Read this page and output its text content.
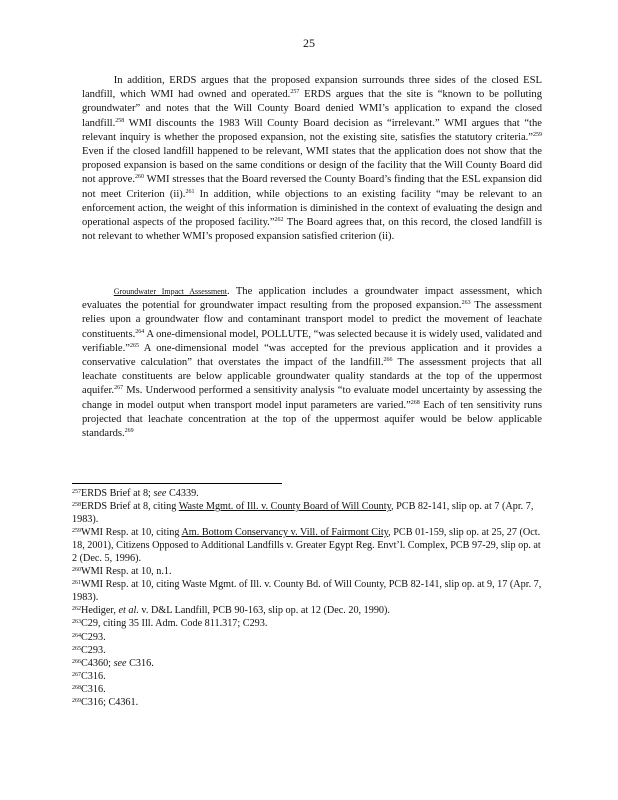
25

   In addition, ERDS argues that the proposed expansion surrounds three sides of the closed ESL landfill, which WMI had owned and operated.$^{257}$ ERDS argues that the site is “known to be polluting groundwater” and notes that the Will County Board denied WMI’s application to expand the closed landfill.$^{258}$ WMI discounts the 1983 Will County Board decision as “irrelevant.” WMI argues that “the relevant inquiry is whether the proposed expansion, not the existing site, satisfies the statutory criteria.”$^{259}$ Even if the closed landfill happened to be relevant, WMI states that the application does not show that the proposed expansion is based on the same conditions or design of the facility that the Will County Board did not approve.$^{260}$ WMI stresses that the Board reversed the County Board’s finding that the ESL expansion did not meet Criterion (ii).$^{261}$ In addition, while objections to an existing facility “may be relevant to an enforcement action, the weight of this information is diminished in the context of evaluating the design and operational aspects of the proposed facility.”$^{262}$ The Board agrees that, on this record, the closed landfill is not relevant to whether WMI’s proposed expansion satisfied criterion (ii).

   Groundwater Impact Assessment. The application includes a groundwater impact assessment, which evaluates the potential for groundwater impact resulting from the proposed expansion.$^{263}$ The assessment relies upon a groundwater flow and contaminant transport model to predict the movement of leachate constituents.$^{264}$ A one-dimensional model, POLLUTE, “was selected because it is widely used, validated and verifiable.”$^{265}$ A one-dimensional model “was accepted for the previous application and it provides a conservative calculation” that overstates the impact of the landfill.$^{266}$ The assessment projects that all leachate constituents are below applicable groundwater quality standards at the top of the uppermost aquifer.$^{267}$ Ms. Underwood performed a sensitivity analysis “to evaluate model uncertainty by assessing the change in model output when transport model input parameters are varied.”$^{268}$ Each of ten sensitivity runs projected that leachate concentration at the top of the uppermost aquifer would be below applicable standards.$^{269}$

$^{257}$ERDS Brief at 8; see C4339.
$^{258}$ERDS Brief at 8, citing Waste Mgmt. of Ill. v. County Board of Will County, PCB 82-141, slip op. at 7 (Apr. 7, 1983).
$^{259}$WMI Resp. at 10, citing Am. Bottom Conservancy v. Vill. of Fairmont City, PCB 01-159, slip op. at 25, 27 (Oct. 18, 2001), Citizens Opposed to Additional Landfills v. Greater Egypt Reg. Envt’l. Complex, PCB 97-29, slip op. at 2 (Dec. 5, 1996).
$^{260}$WMI Resp. at 10, n.1.
$^{261}$WMI Resp. at 10, citing Waste Mgmt. of Ill. v. County Bd. of Will County, PCB 82-141, slip op. at 9, 17 (Apr. 7, 1983).
$^{262}$Hediger, et al. v. D&L Landfill, PCB 90-163, slip op. at 12 (Dec. 20, 1990).
$^{263}$C29, citing 35 Ill. Adm. Code 811.317; C293.
$^{264}$C293.
$^{265}$C293.
$^{266}$C4360; see C316.
$^{267}$C316.
$^{268}$C316.
$^{269}$C316; C4361.
